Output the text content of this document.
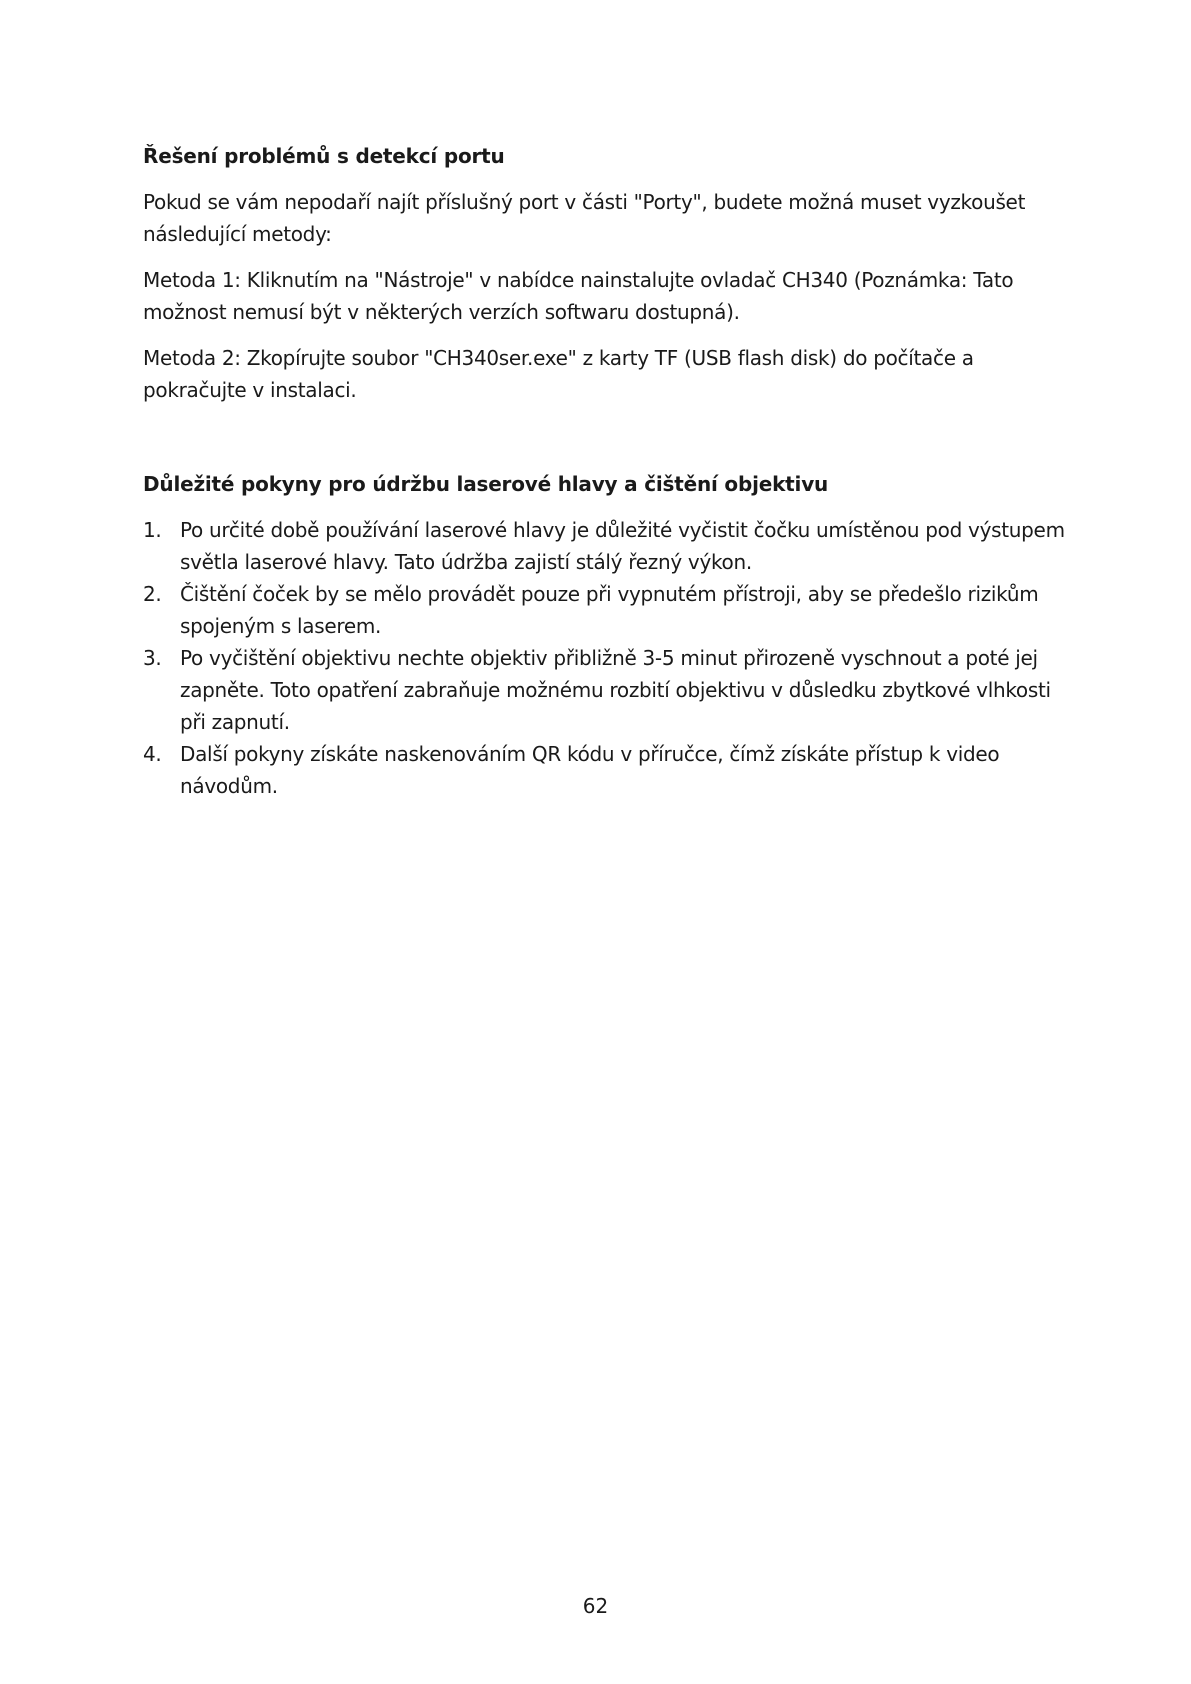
Řešení problémů s detekcí portu

Pokud se vám nepodaří najít příslušný port v části "Porty", budete možná muset vyzkoušet následující metody:

Metoda 1: Kliknutím na "Nástroje" v nabídce nainstalujte ovladač CH340 (Poznámka: Tato možnost nemusí být v některých verzích softwaru dostupná).

Metoda 2: Zkopírujte soubor "CH340ser.exe" z karty TF (USB flash disk) do počítače a pokračujte v instalaci.

Důležité pokyny pro údržbu laserové hlavy a čištění objektivu
1. Po určité době používání laserové hlavy je důležité vyčistit čočku umístěnou pod výstupem světla laserové hlavy. Tato údržba zajistí stálý řezný výkon.
2. Čištění čoček by se mělo provádět pouze při vypnutém přístroji, aby se předešlo rizikům spojeným s laserem.
3. Po vyčištění objektivu nechte objektiv přibližně 3-5 minut přirozeně vyschnout a poté jej zapněte. Toto opatření zabraňuje možnému rozbití objektivu v důsledku zbytkové vlhkosti při zapnutí.
4. Další pokyny získáte naskenováním QR kódu v příručce, čímž získáte přístup k video návodům.
62
